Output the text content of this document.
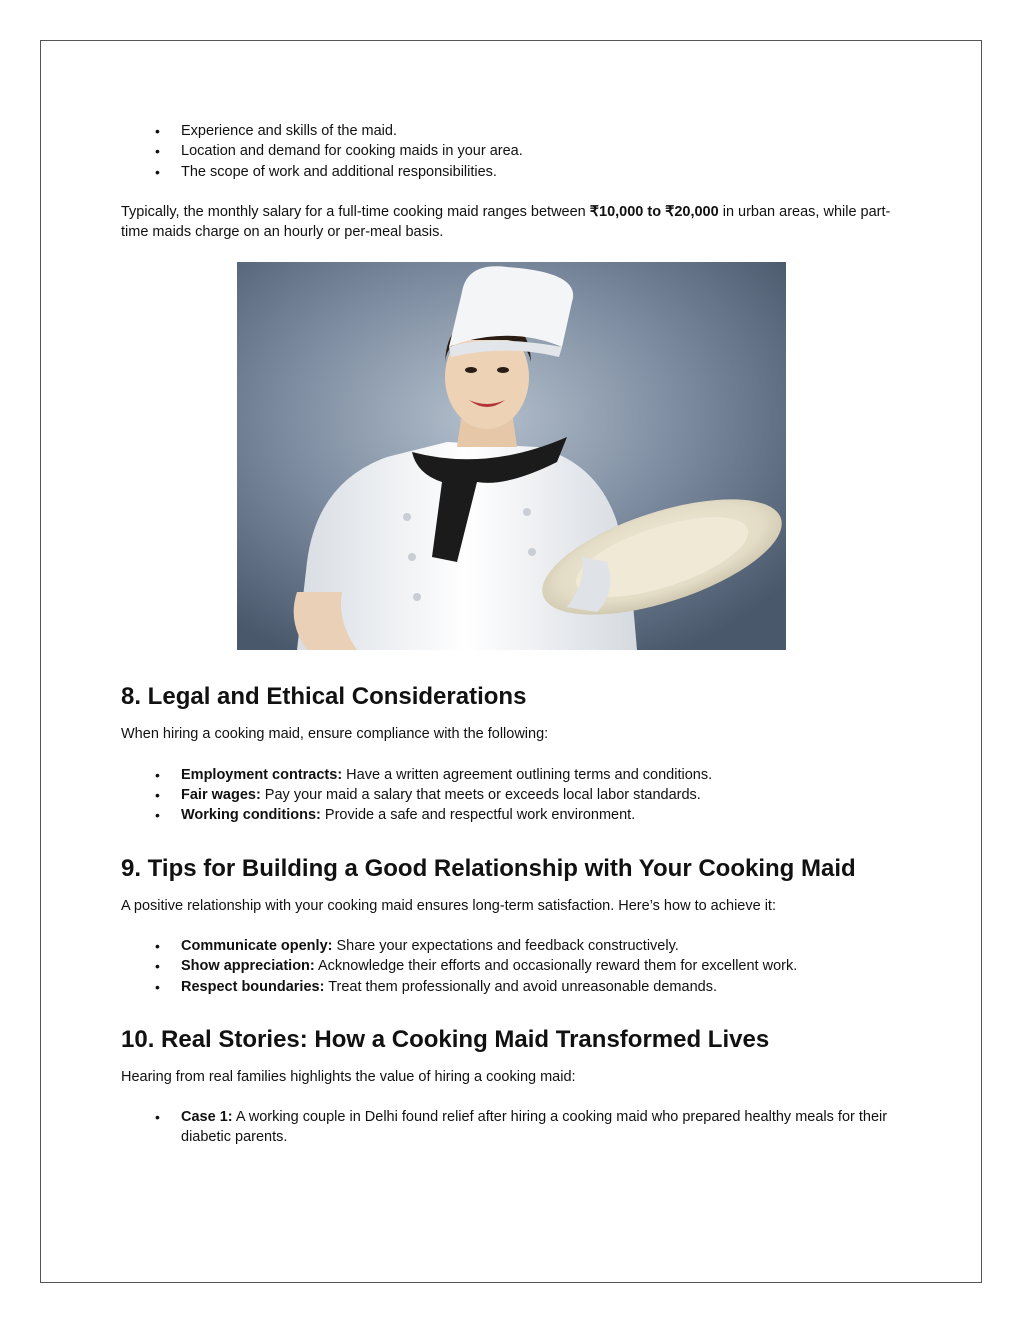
• Experience and skills of the maid.
• Location and demand for cooking maids in your area.
• The scope of work and additional responsibilities.

Typically, the monthly salary for a full-time cooking maid ranges between ₹10,000 to ₹20,000 in urban areas, while part-time maids charge on an hourly or per-meal basis.

8. Legal and Ethical Considerations

When hiring a cooking maid, ensure compliance with the following:

• Employment contracts: Have a written agreement outlining terms and conditions.
• Fair wages: Pay your maid a salary that meets or exceeds local labor standards.
• Working conditions: Provide a safe and respectful work environment.
9. Tips for Building a Good Relationship with Your Cooking Maid

A positive relationship with your cooking maid ensures long-term satisfaction. Here’s how to achieve it:

• Communicate openly: Share your expectations and feedback constructively.
• Show appreciation: Acknowledge their efforts and occasionally reward them for excellent work.
• Respect boundaries: Treat them professionally and avoid unreasonable demands.
10. Real Stories: How a Cooking Maid Transformed Lives

Hearing from real families highlights the value of hiring a cooking maid:

• Case 1: A working couple in Delhi found relief after hiring a cooking maid who prepared healthy meals for their diabetic parents.
